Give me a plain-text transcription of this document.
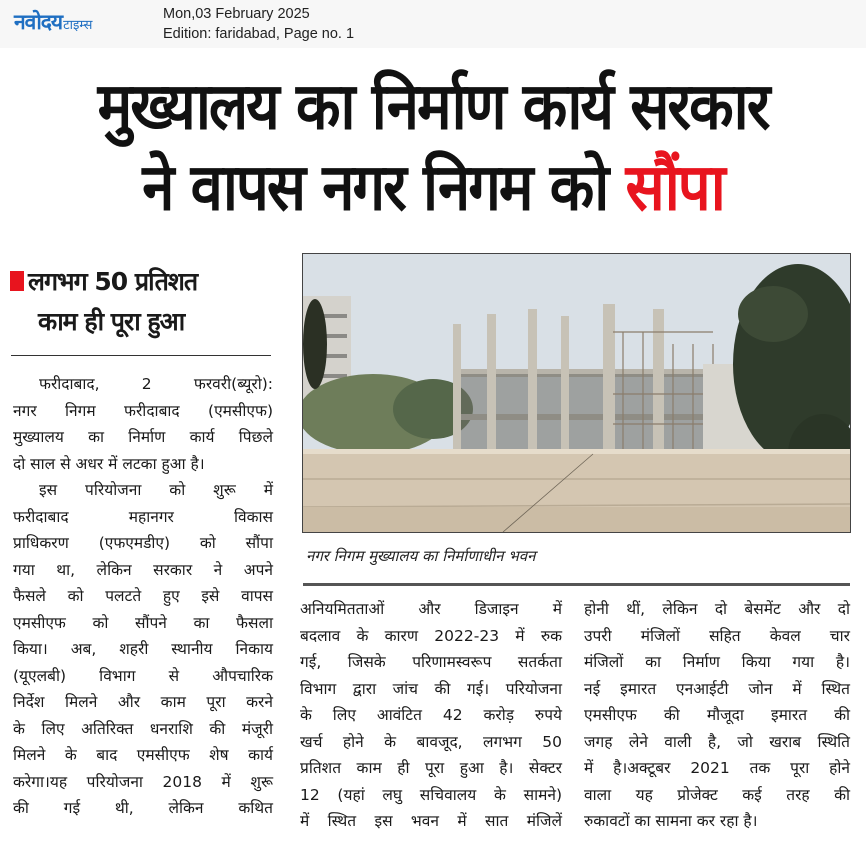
नवोदय टाइम्स
Mon,03 February 2025
Edition: faridabad, Page no. 1
मुख्यालय का निर्माण कार्य सरकार
ने वापस नगर निगम को सौंपा
लगभग 50 प्रतिशत
काम ही पूरा हुआ
नगर निगम मुख्यालय का निर्माणाधीन भवन
फरीदाबाद, 2 फरवरी(ब्यूरो):
नगर निगम फरीदाबाद (एमसीएफ)
मुख्यालय का निर्माण कार्य पिछले
दो साल से अधर में लटका हुआ है।
इस परियोजना को शुरू में
फरीदाबाद महानगर विकास
प्राधिकरण (एफएमडीए) को सौंपा
गया था, लेकिन सरकार ने अपने
फैसले को पलटते हुए इसे वापस
एमसीएफ को सौंपने का फैसला
किया। अब, शहरी स्थानीय निकाय
(यूएलबी) विभाग से औपचारिक
निर्देश मिलने और काम पूरा करने
के लिए अतिरिक्त धनराशि की मंजूरी
मिलने के बाद एमसीएफ शेष कार्य
करेगा।यह परियोजना 2018 में शुरू
की गई थी, लेकिन कथित
अनियमितताओं और डिजाइन में
बदलाव के कारण 2022-23 में रुक
गई, जिसके परिणामस्वरूप सतर्कता
विभाग द्वारा जांच की गई। परियोजना
के लिए आवंटित 42 करोड़ रुपये
खर्च होने के बावजूद, लगभग 50
प्रतिशत काम ही पूरा हुआ है। सेक्टर
12 (यहां लघु सचिवालय के सामने)
में स्थित इस भवन में सात मंजिलें
होनी थीं, लेकिन दो बेसमेंट और दो
उपरी मंजिलों सहित केवल चार
मंजिलों का निर्माण किया गया है।
नई इमारत एनआईटी जोन में स्थित
एमसीएफ की मौजूदा इमारत की
जगह लेने वाली है, जो खराब स्थिति
में है।अक्टूबर 2021 तक पूरा होने
वाला यह प्रोजेक्ट कई तरह की
रुकावटों का सामना कर रहा है।
